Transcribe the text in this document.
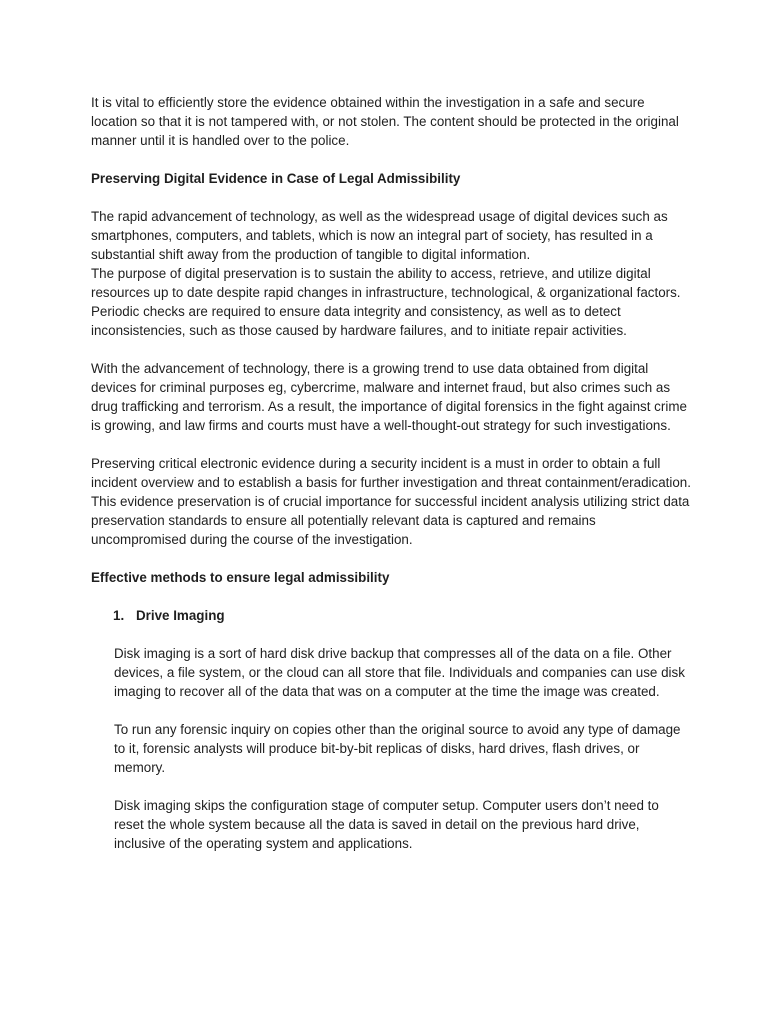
It is vital to efficiently store the evidence obtained within the investigation in a safe and secure location so that it is not tampered with, or not stolen. The content should be protected in the original manner until it is handled over to the police.

Preserving Digital Evidence in Case of Legal Admissibility

The rapid advancement of technology, as well as the widespread usage of digital devices such as smartphones, computers, and tablets, which is now an integral part of society, has resulted in a substantial shift away from the production of tangible to digital information.

The purpose of digital preservation is to sustain the ability to access, retrieve, and utilize digital resources up to date despite rapid changes in infrastructure, technological, & organizational factors. Periodic checks are required to ensure data integrity and consistency, as well as to detect inconsistencies, such as those caused by hardware failures, and to initiate repair activities.

With the advancement of technology, there is a growing trend to use data obtained from digital devices for criminal purposes eg, cybercrime, malware and internet fraud, but also crimes such as drug trafficking and terrorism. As a result, the importance of digital forensics in the fight against crime is growing, and law firms and courts must have a well-thought-out strategy for such investigations.

Preserving critical electronic evidence during a security incident is a must in order to obtain a full incident overview and to establish a basis for further investigation and threat containment/eradication. This evidence preservation is of crucial importance for successful incident analysis utilizing strict data preservation standards to ensure all potentially relevant data is captured and remains uncompromised during the course of the investigation.

Effective methods to ensure legal admissibility

1. Drive Imaging

Disk imaging is a sort of hard disk drive backup that compresses all of the data on a file. Other devices, a file system, or the cloud can all store that file. Individuals and companies can use disk imaging to recover all of the data that was on a computer at the time the image was created.

To run any forensic inquiry on copies other than the original source to avoid any type of damage to it, forensic analysts will produce bit-by-bit replicas of disks, hard drives, flash drives, or memory.

Disk imaging skips the configuration stage of computer setup. Computer users don’t need to reset the whole system because all the data is saved in detail on the previous hard drive, inclusive of the operating system and applications.
